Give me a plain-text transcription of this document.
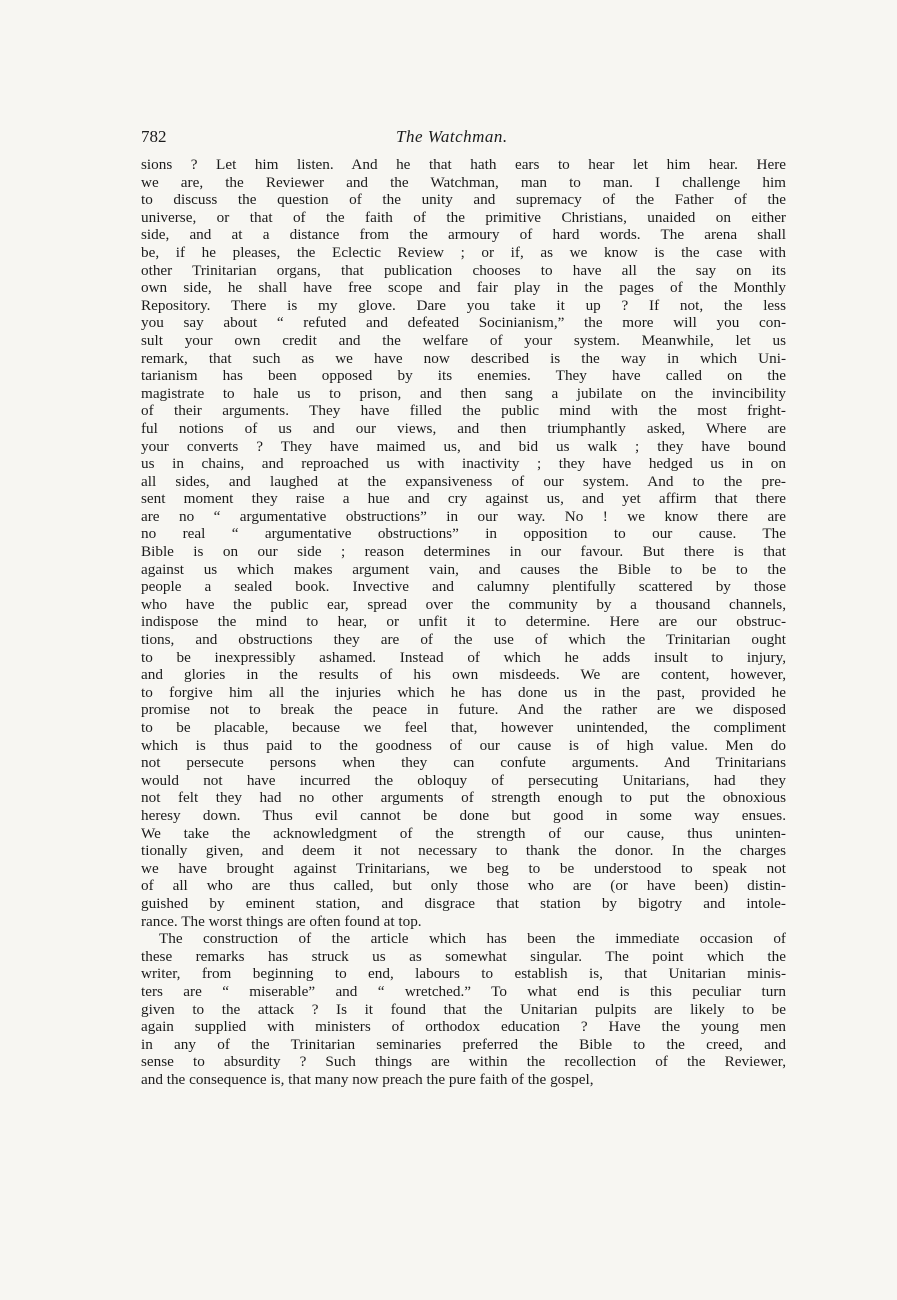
782	The Watchman.
sions ? Let him listen. And he that hath ears to hear let him hear. Here
we are, the Reviewer and the Watchman, man to man. I challenge him
to discuss the question of the unity and supremacy of the Father of the
universe, or that of the faith of the primitive Christians, unaided on either
side, and at a distance from the armoury of hard words. The arena shall
be, if he pleases, the Eclectic Review ; or if, as we know is the case with
other Trinitarian organs, that publication chooses to have all the say on its
own side, he shall have free scope and fair play in the pages of the Monthly
Repository. There is my glove. Dare you take it up ? If not, the less
you say about “ refuted and defeated Socinianism,” the more will you con-
sult your own credit and the welfare of your system. Meanwhile, let us
remark, that such as we have now described is the way in which Uni-
tarianism has been opposed by its enemies. They have called on the
magistrate to hale us to prison, and then sang a jubilate on the invincibility
of their arguments. They have filled the public mind with the most fright-
ful notions of us and our views, and then triumphantly asked, Where are
your converts ? They have maimed us, and bid us walk ; they have bound
us in chains, and reproached us with inactivity ; they have hedged us in on
all sides, and laughed at the expansiveness of our system. And to the pre-
sent moment they raise a hue and cry against us, and yet affirm that there
are no “ argumentative obstructions” in our way. No ! we know there are
no real “ argumentative obstructions” in opposition to our cause. The
Bible is on our side ; reason determines in our favour. But there is that
against us which makes argument vain, and causes the Bible to be to the
people a sealed book. Invective and calumny plentifully scattered by those
who have the public ear, spread over the community by a thousand channels,
indispose the mind to hear, or unfit it to determine. Here are our obstruc-
tions, and obstructions they are of the use of which the Trinitarian ought
to be inexpressibly ashamed. Instead of which he adds insult to injury,
and glories in the results of his own misdeeds. We are content, however,
to forgive him all the injuries which he has done us in the past, provided he
promise not to break the peace in future. And the rather are we disposed
to be placable, because we feel that, however unintended, the compliment
which is thus paid to the goodness of our cause is of high value. Men do
not persecute persons when they can confute arguments. And Trinitarians
would not have incurred the obloquy of persecuting Unitarians, had they
not felt they had no other arguments of strength enough to put the obnoxious
heresy down. Thus evil cannot be done but good in some way ensues.
We take the acknowledgment of the strength of our cause, thus uninten-
tionally given, and deem it not necessary to thank the donor. In the charges
we have brought against Trinitarians, we beg to be understood to speak not
of all who are thus called, but only those who are (or have been) distin-
guished by eminent station, and disgrace that station by bigotry and intole-
rance. The worst things are often found at top.
The construction of the article which has been the immediate occasion of
these remarks has struck us as somewhat singular. The point which the
writer, from beginning to end, labours to establish is, that Unitarian minis-
ters are “ miserable” and “ wretched.” To what end is this peculiar turn
given to the attack ? Is it found that the Unitarian pulpits are likely to be
again supplied with ministers of orthodox education ? Have the young men
in any of the Trinitarian seminaries preferred the Bible to the creed, and
sense to absurdity ? Such things are within the recollection of the Reviewer,
and the consequence is, that many now preach the pure faith of the gospel,
